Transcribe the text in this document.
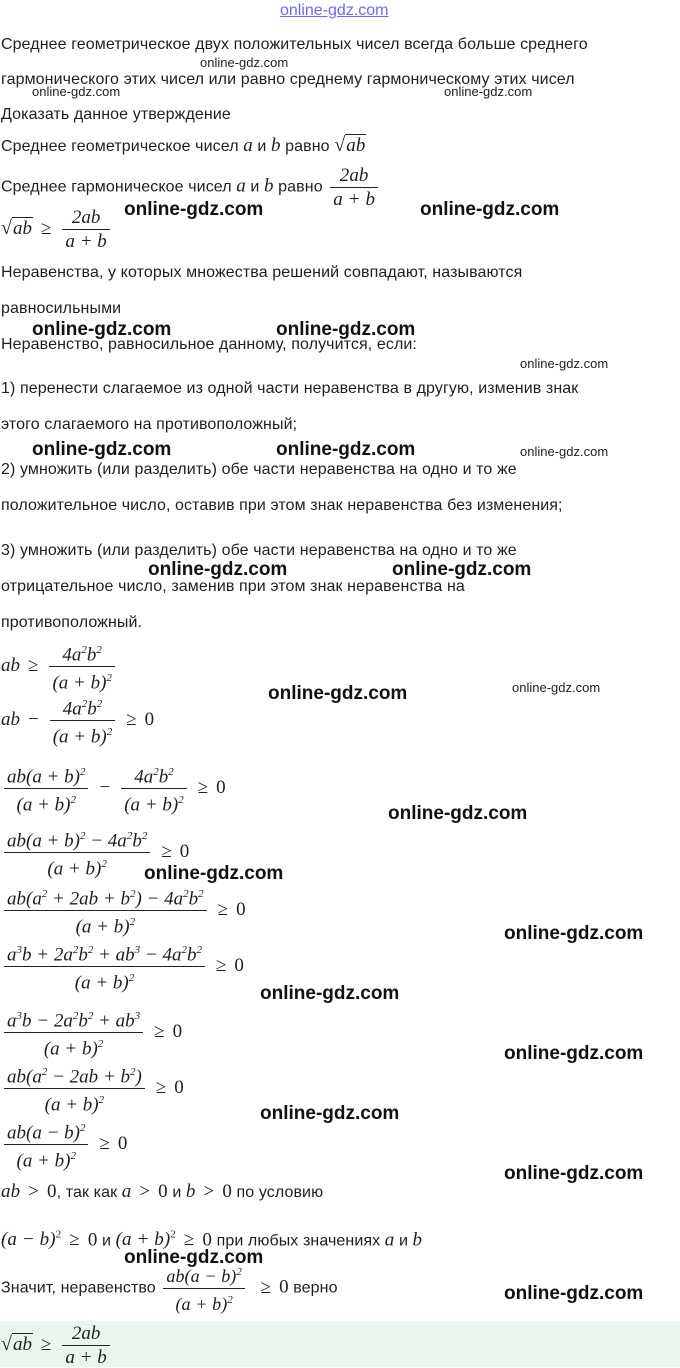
online-gdz.com
online-gdz.com
online-gdz.com	online-gdz.com
online-gdz.com	online-gdz.com
online-gdz.com	online-gdz.com
online-gdz.com
online-gdz.com	online-gdz.com	online-gdz.com
online-gdz.com	online-gdz.com
online-gdz.com	online-gdz.com
online-gdz.com
online-gdz.com
online-gdz.com
online-gdz.com
online-gdz.com
online-gdz.com
online-gdz.com
online-gdz.com
online-gdz.com
Среднее геометрическое двух положительных чисел всегда больше среднего
гармонического этих чисел или равно среднему гармоническому этих чисел
Доказать данное утверждение
Среднее геометрическое чисел a и b равно √ab
Среднее гармоническое чисел a и b равно $\frac{2ab}{a + b}$
$√ab \ge \frac{2ab}{a + b}$
Неравенства, у которых множества решений совпадают, называются
равносильными
Неравенство, равносильное данному, получится, если:
1) перенести слагаемое из одной части неравенства в другую, изменив знак
этого слагаемого на противоположный;
2) умножить (или разделить) обе части неравенства на одно и то же
положительное число, оставив при этом знак неравенства без изменения;
3) умножить (или разделить) обе части неравенства на одно и то же
отрицательное число, заменив при этом знак неравенства на
противоположный.
ab ≥ $\frac{4a^2b^2}{(a + b)^2}$
ab − $\frac{4a^2b^2}{(a + b)^2} \ge 0$
$\frac{ab(a + b)^2}{(a + b)^2} - \frac{4a^2b^2}{(a + b)^2} \ge 0$
$\frac{ab(a + b)^2 - 4a^2b^2}{(a + b)^2} \ge 0$
$\frac{ab(a^2 + 2ab + b^2) - 4a^2b^2}{(a + b)^2} \ge 0$
$\frac{a^3b + 2a^2b^2 + ab^3 - 4a^2b^2}{(a + b)^2} \ge 0$
$\frac{a^3b - 2a^2b^2 + ab^3}{(a + b)^2} \ge 0$
$\frac{ab(a^2 - 2ab + b^2)}{(a + b)^2} \ge 0$
$\frac{ab(a - b)^2}{(a + b)^2} \ge 0$
ab > 0, так как a > 0 и b > 0 по условию
$(a - b)^2 \ge 0$ и $(a + b)^2 \ge 0$ при любых значениях a и b
Значит, неравенство $\frac{ab(a - b)^2}{(a + b)^2} \ge 0$ верно
$√ab \ge \frac{2ab}{a + b}$
